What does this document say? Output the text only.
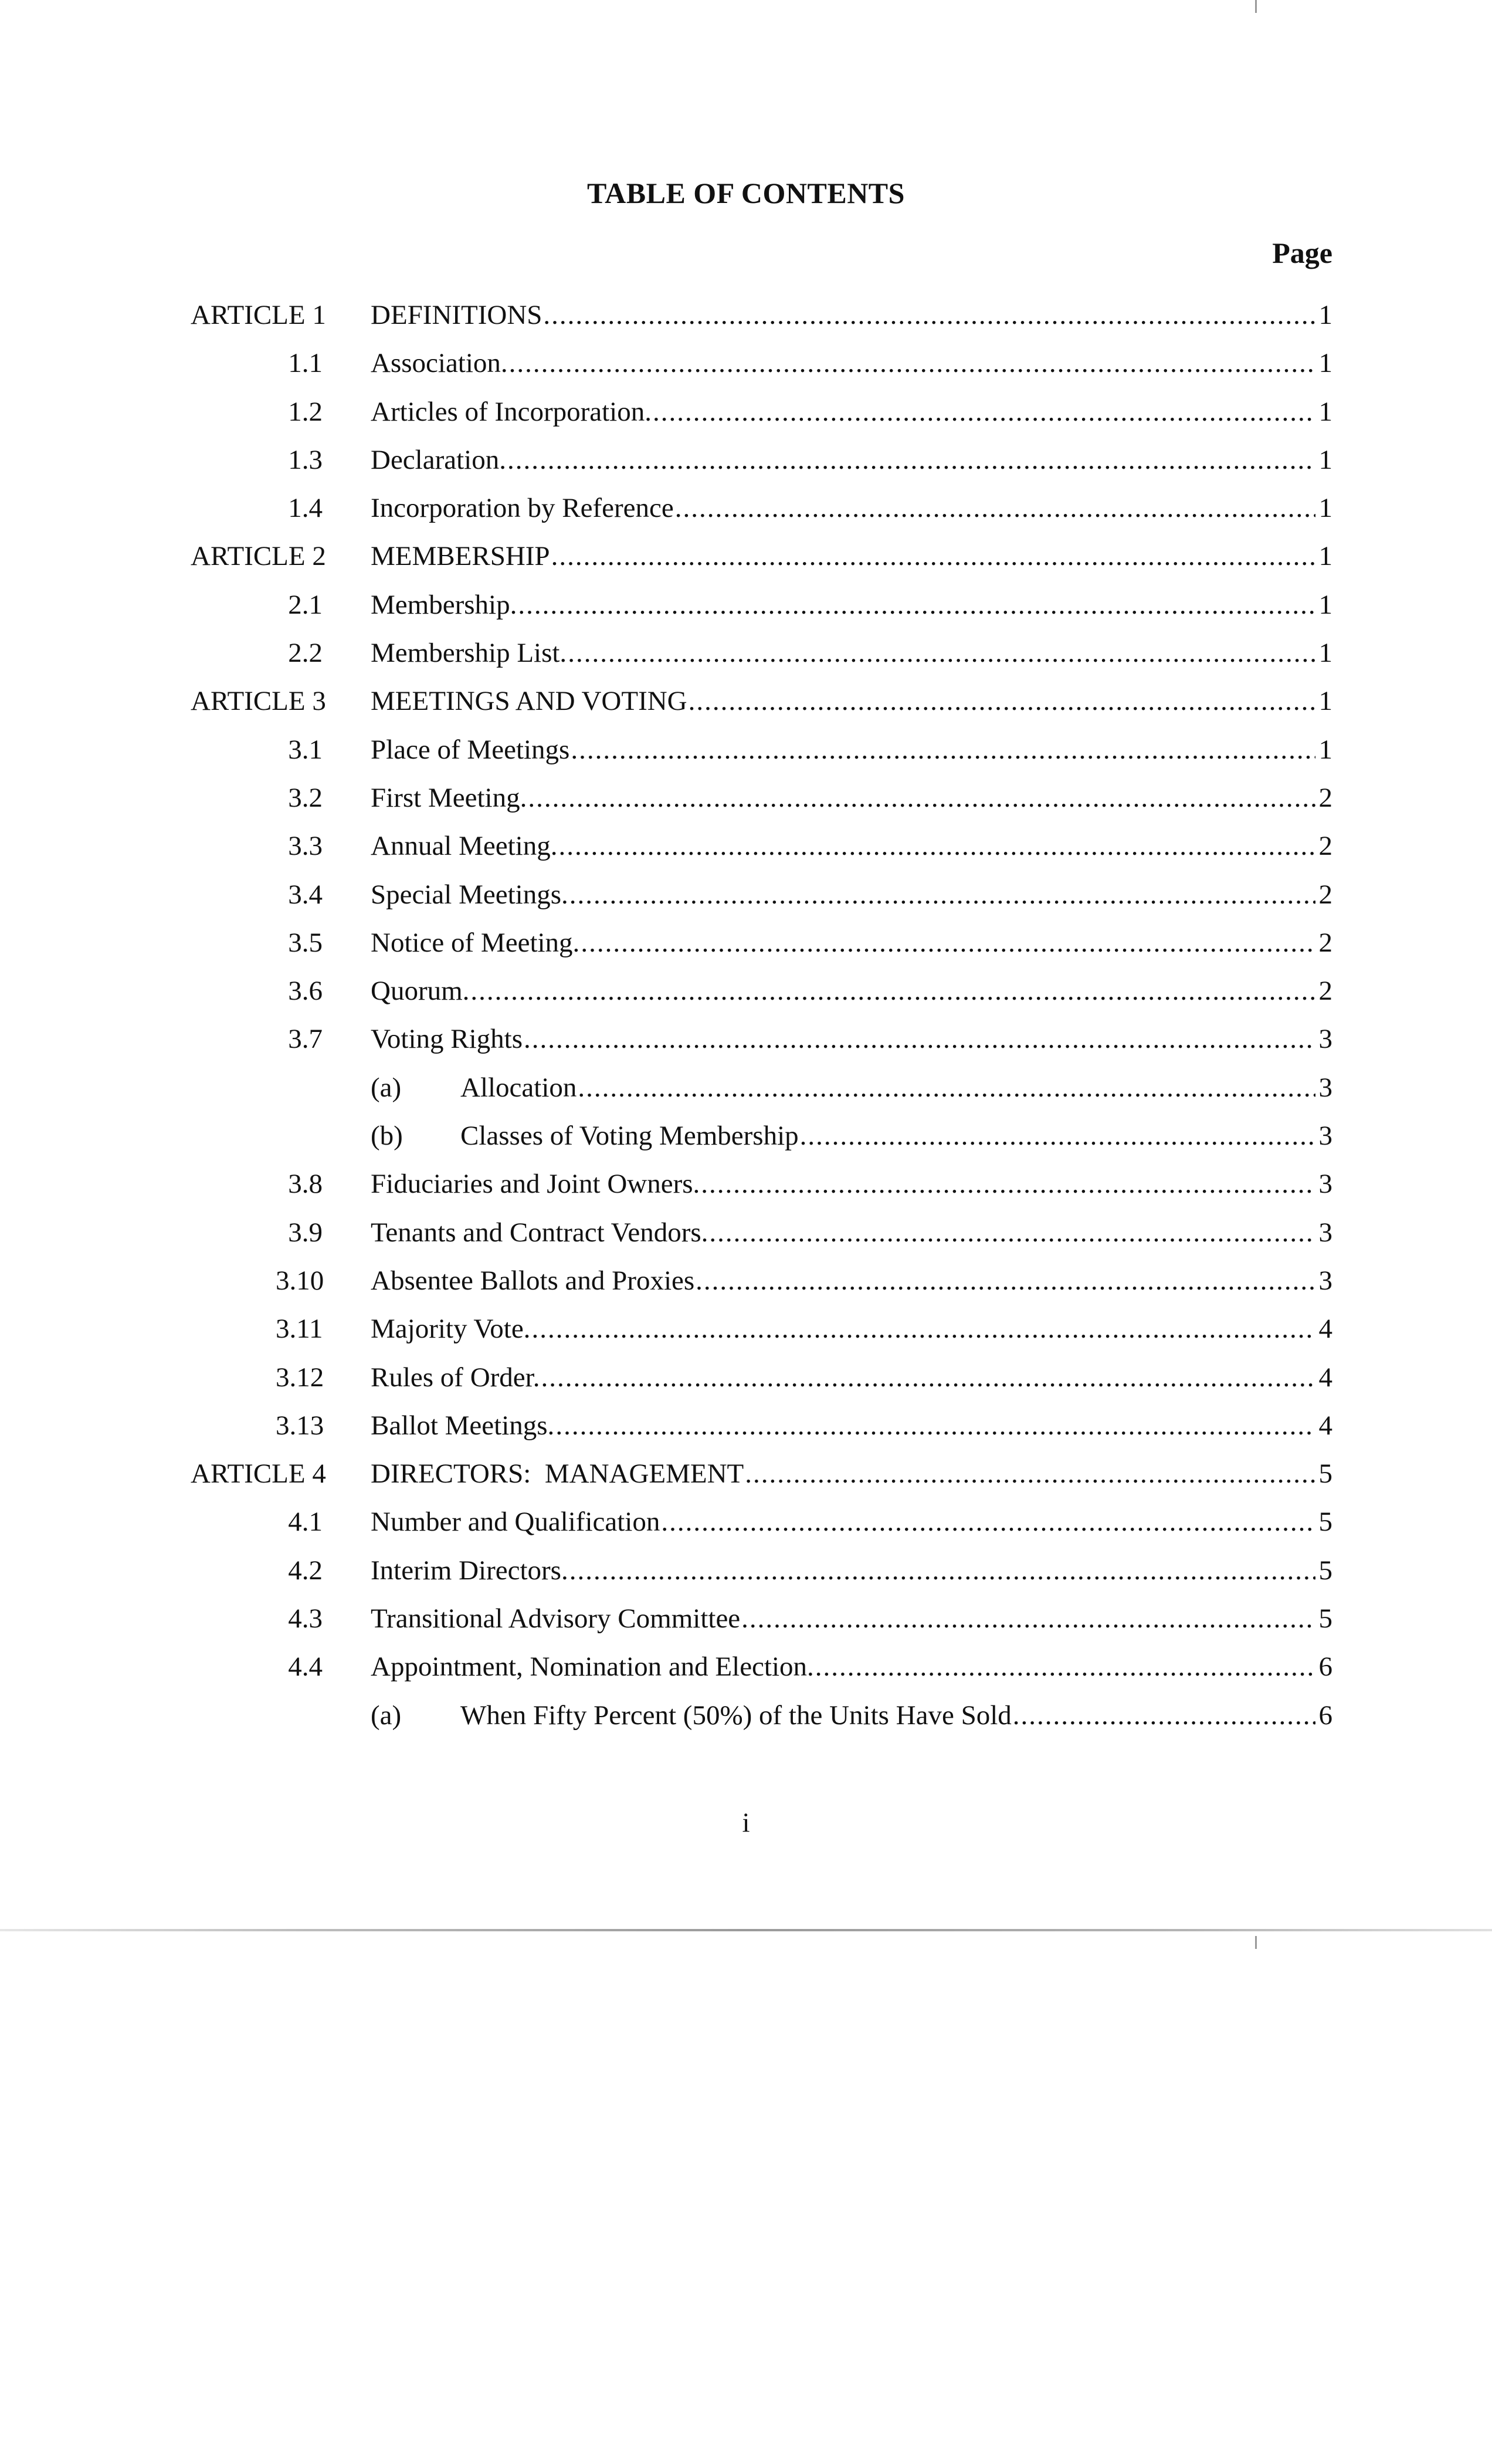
TABLE OF CONTENTS
Page
ARTICLE 1 DEFINITIONS .....	1
1.1 Association. .....	1
1.2 Articles of Incorporation. .....	1
1.3 Declaration. .....	1
1.4 Incorporation by Reference .....	1
ARTICLE 2 MEMBERSHIP .....	1
2.1 Membership. .....	1
2.2 Membership List. .....	1
ARTICLE 3 MEETINGS AND VOTING .....	1
3.1 Place of Meetings .....	1
3.2 First Meeting. .....	2
3.3 Annual Meeting. .....	2
3.4 Special Meetings. .....	2
3.5 Notice of Meeting. .....	2
3.6 Quorum. .....	2
3.7 Voting Rights .....	3
(a) Allocation .....	3
(b) Classes of Voting Membership .....	3
3.8 Fiduciaries and Joint Owners. .....	3
3.9 Tenants and Contract Vendors. .....	3
3.10 Absentee Ballots and Proxies .....	3
3.11 Majority Vote. .....	4
3.12 Rules of Order. .....	4
3.13 Ballot Meetings. .....	4
ARTICLE 4 DIRECTORS:  MANAGEMENT .....	5
4.1 Number and Qualification .....	5
4.2 Interim Directors. .....	5
4.3 Transitional Advisory Committee .....	5
4.4 Appointment, Nomination and Election. .....	6
(a) When Fifty Percent (50%) of the Units Have Sold .....	6
i
